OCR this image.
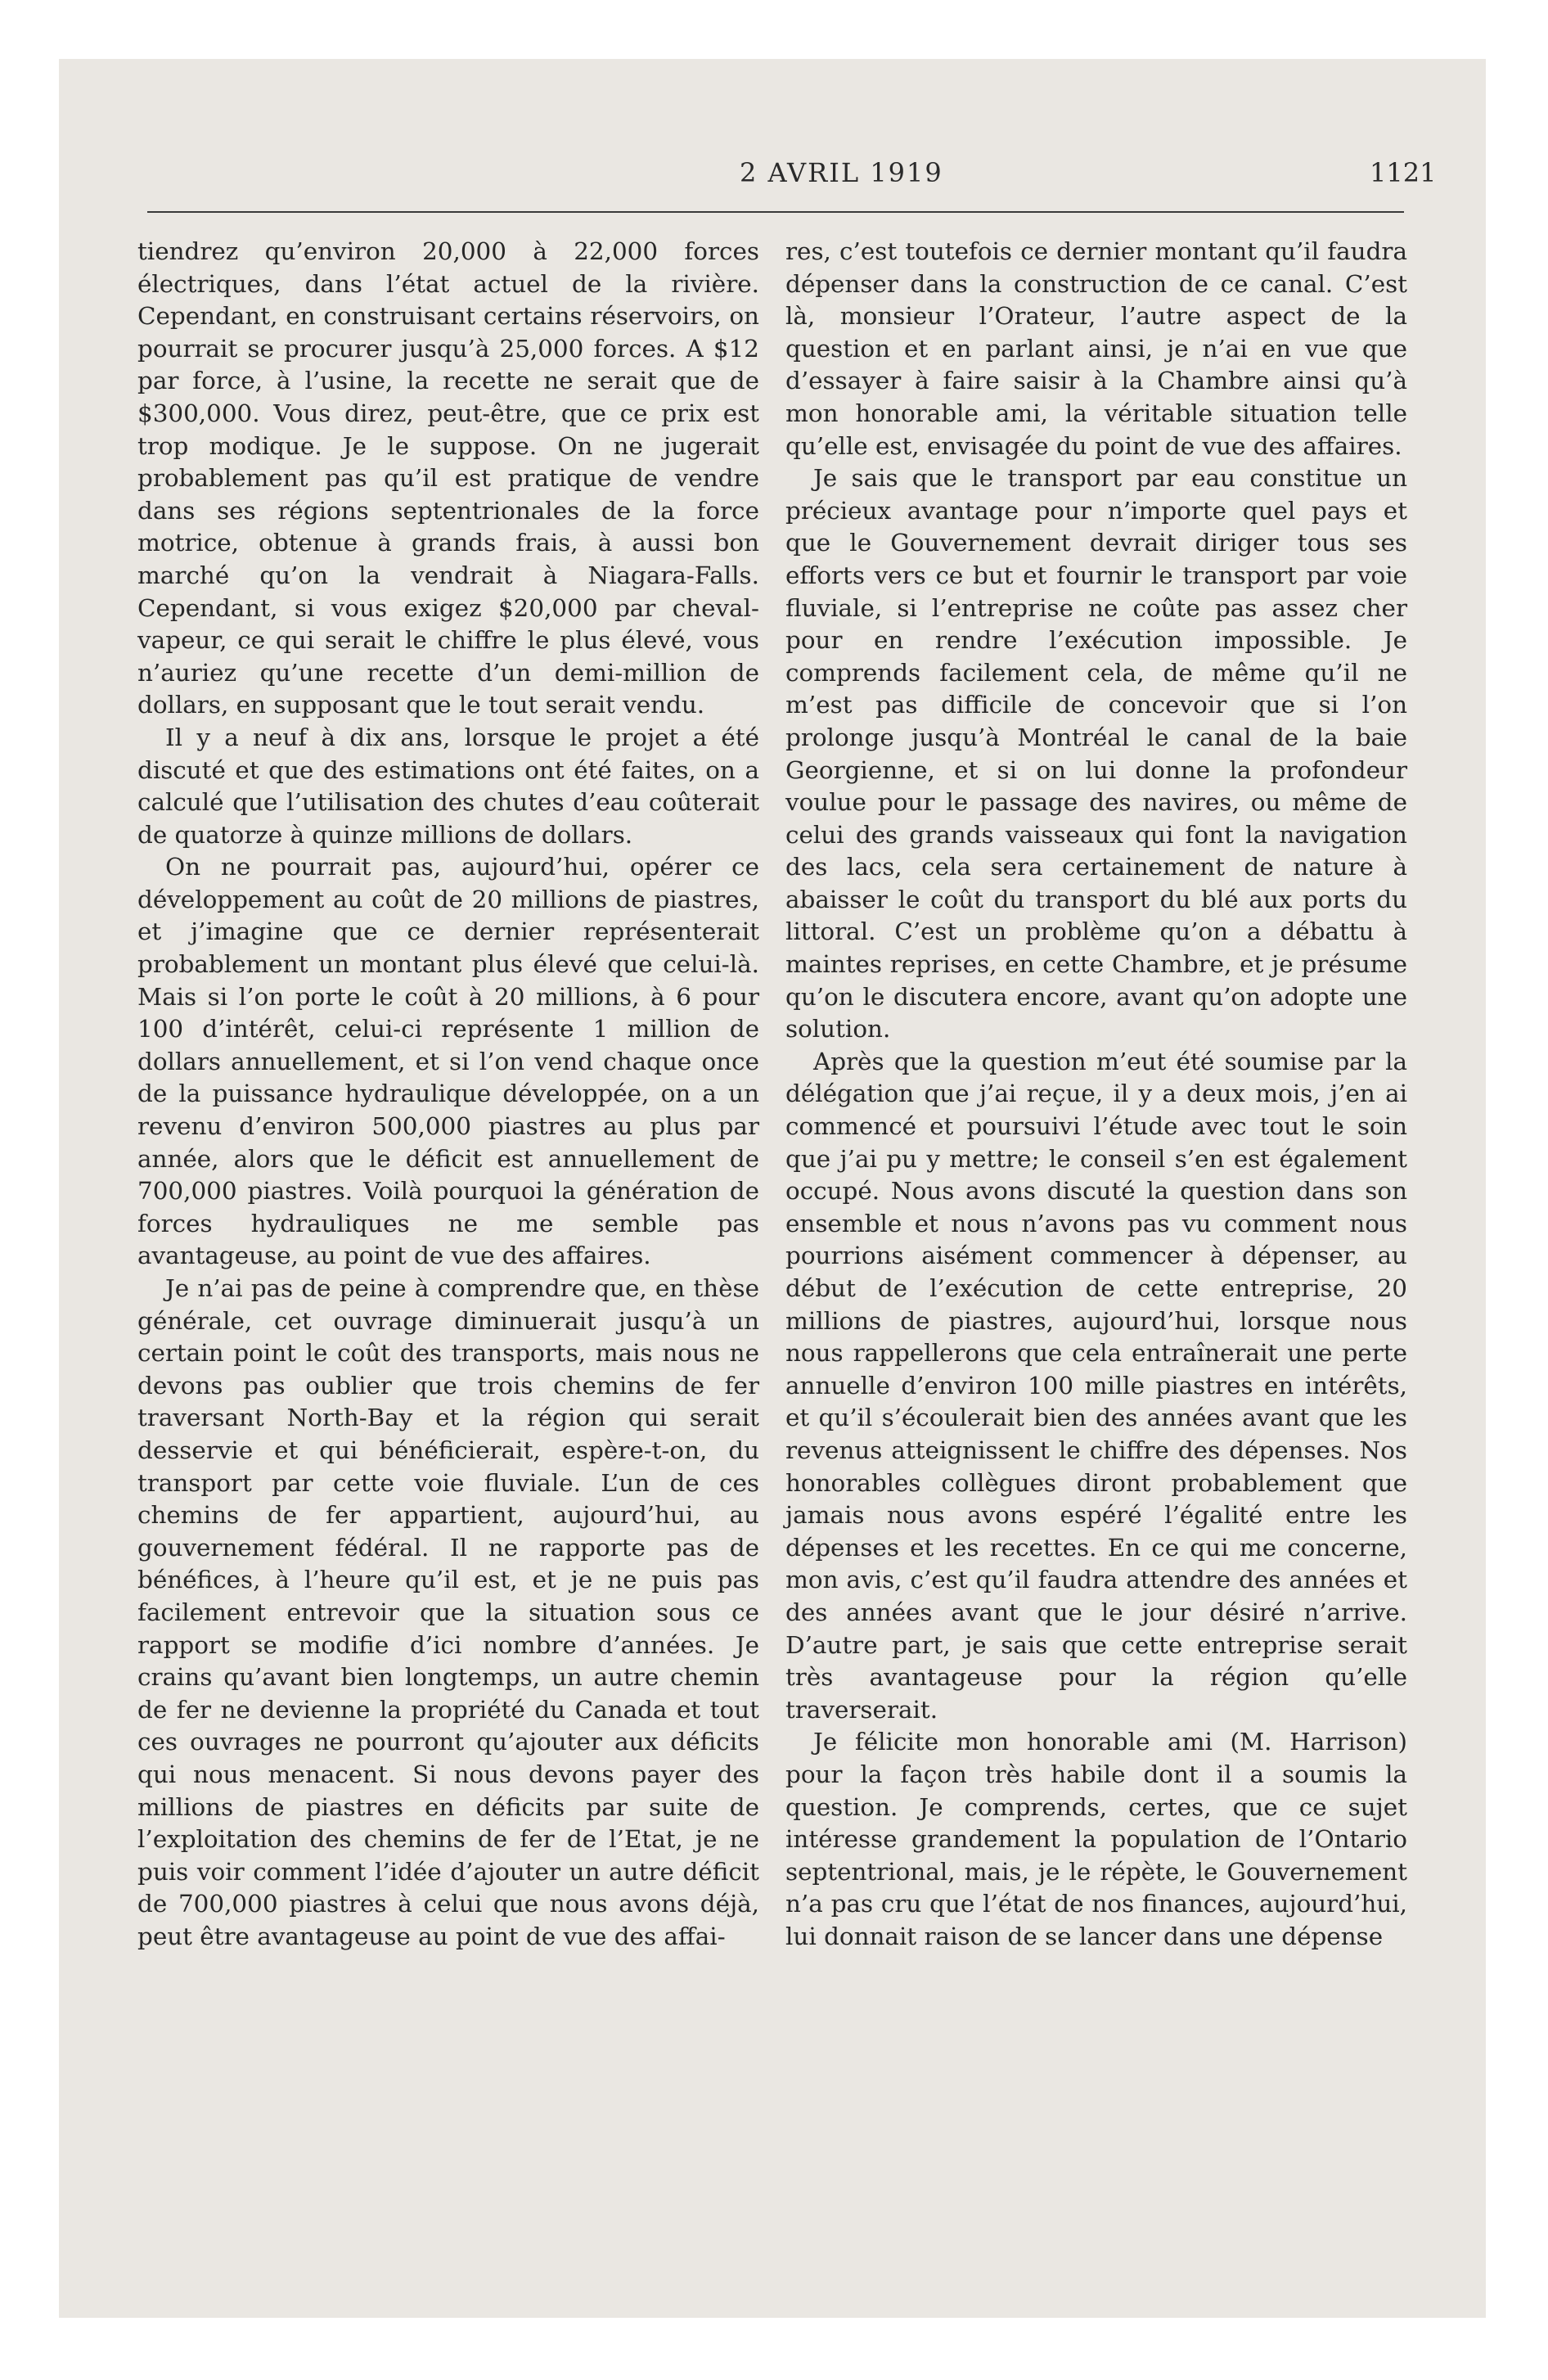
2 AVRIL 1919	1121

tiendrez qu’environ 20,000 à 22,000 forces électriques, dans l’état actuel de la rivière. Cependant, en construisant certains réservoirs, on pourrait se procurer jusqu’à 25,000 forces. A $12 par force, à l’usine, la recette ne serait que de $300,000. Vous direz, peut-être, que ce prix est trop modique. Je le suppose. On ne jugerait probablement pas qu’il est pratique de vendre dans ses régions septentrionales de la force motrice, obtenue à grands frais, à aussi bon marché qu’on la vendrait à Niagara-Falls. Cependant, si vous exigez $20,000 par cheval-vapeur, ce qui serait le chiffre le plus élevé, vous n’auriez qu’une recette d’un demi-million de dollars, en supposant que le tout serait vendu.

Il y a neuf à dix ans, lorsque le projet a été discuté et que des estimations ont été faites, on a calculé que l’utilisation des chutes d’eau coûterait de quatorze à quinze millions de dollars.

On ne pourrait pas, aujourd’hui, opérer ce développement au coût de 20 millions de piastres, et j’imagine que ce dernier représenterait probablement un montant plus élevé que celui-là. Mais si l’on porte le coût à 20 millions, à 6 pour 100 d’intérêt, celui-ci représente 1 million de dollars annuellement, et si l’on vend chaque once de la puissance hydraulique développée, on a un revenu d’environ 500,000 piastres au plus par année, alors que le déficit est annuellement de 700,000 piastres. Voilà pourquoi la génération de forces hydrauliques ne me semble pas avantageuse, au point de vue des affaires.

Je n’ai pas de peine à comprendre que, en thèse générale, cet ouvrage diminuerait jusqu’à un certain point le coût des transports, mais nous ne devons pas oublier que trois chemins de fer traversant North-Bay et la région qui serait desservie et qui bénéficierait, espère-t-on, du transport par cette voie fluviale. L’un de ces chemins de fer appartient, aujourd’hui, au gouvernement fédéral. Il ne rapporte pas de bénéfices, à l’heure qu’il est, et je ne puis pas facilement entrevoir que la situation sous ce rapport se modifie d’ici nombre d’années. Je crains qu’avant bien longtemps, un autre chemin de fer ne devienne la propriété du Canada et tout ces ouvrages ne pourront qu’ajouter aux déficits qui nous menacent. Si nous devons payer des millions de piastres en déficits par suite de l’exploitation des chemins de fer de l’Etat, je ne puis voir comment l’idée d’ajouter un autre déficit de 700,000 piastres à celui que nous avons déjà, peut être avantageuse au point de vue des affai-

res, c’est toutefois ce dernier montant qu’il faudra dépenser dans la construction de ce canal. C’est là, monsieur l’Orateur, l’autre aspect de la question et en parlant ainsi, je n’ai en vue que d’essayer à faire saisir à la Chambre ainsi qu’à mon honorable ami, la véritable situation telle qu’elle est, envisagée du point de vue des affaires.

Je sais que le transport par eau constitue un précieux avantage pour n’importe quel pays et que le Gouvernement devrait diriger tous ses efforts vers ce but et fournir le transport par voie fluviale, si l’entreprise ne coûte pas assez cher pour en rendre l’exécution impossible. Je comprends facilement cela, de même qu’il ne m’est pas difficile de concevoir que si l’on prolonge jusqu’à Montréal le canal de la baie Georgienne, et si on lui donne la profondeur voulue pour le passage des navires, ou même de celui des grands vaisseaux qui font la navigation des lacs, cela sera certainement de nature à abaisser le coût du transport du blé aux ports du littoral. C’est un problème qu’on a débattu à maintes reprises, en cette Chambre, et je présume qu’on le discutera encore, avant qu’on adopte une solution.

Après que la question m’eut été soumise par la délégation que j’ai reçue, il y a deux mois, j’en ai commencé et poursuivi l’étude avec tout le soin que j’ai pu y mettre; le conseil s’en est également occupé. Nous avons discuté la question dans son ensemble et nous n’avons pas vu comment nous pourrions aisément commencer à dépenser, au début de l’exécution de cette entreprise, 20 millions de piastres, aujourd’hui, lorsque nous nous rappellerons que cela entraînerait une perte annuelle d’environ 100 mille piastres en intérêts, et qu’il s’écoulerait bien des années avant que les revenus atteignissent le chiffre des dépenses. Nos honorables collègues diront probablement que jamais nous avons espéré l’égalité entre les dépenses et les recettes. En ce qui me concerne, mon avis, c’est qu’il faudra attendre des années et des années avant que le jour désiré n’arrive. D’autre part, je sais que cette entreprise serait très avantageuse pour la région qu’elle traverserait.

Je félicite mon honorable ami (M. Harrison) pour la façon très habile dont il a soumis la question. Je comprends, certes, que ce sujet intéresse grandement la population de l’Ontario septentrional, mais, je le répète, le Gouvernement n’a pas cru que l’état de nos finances, aujourd’hui, lui donnait raison de se lancer dans une dépense
